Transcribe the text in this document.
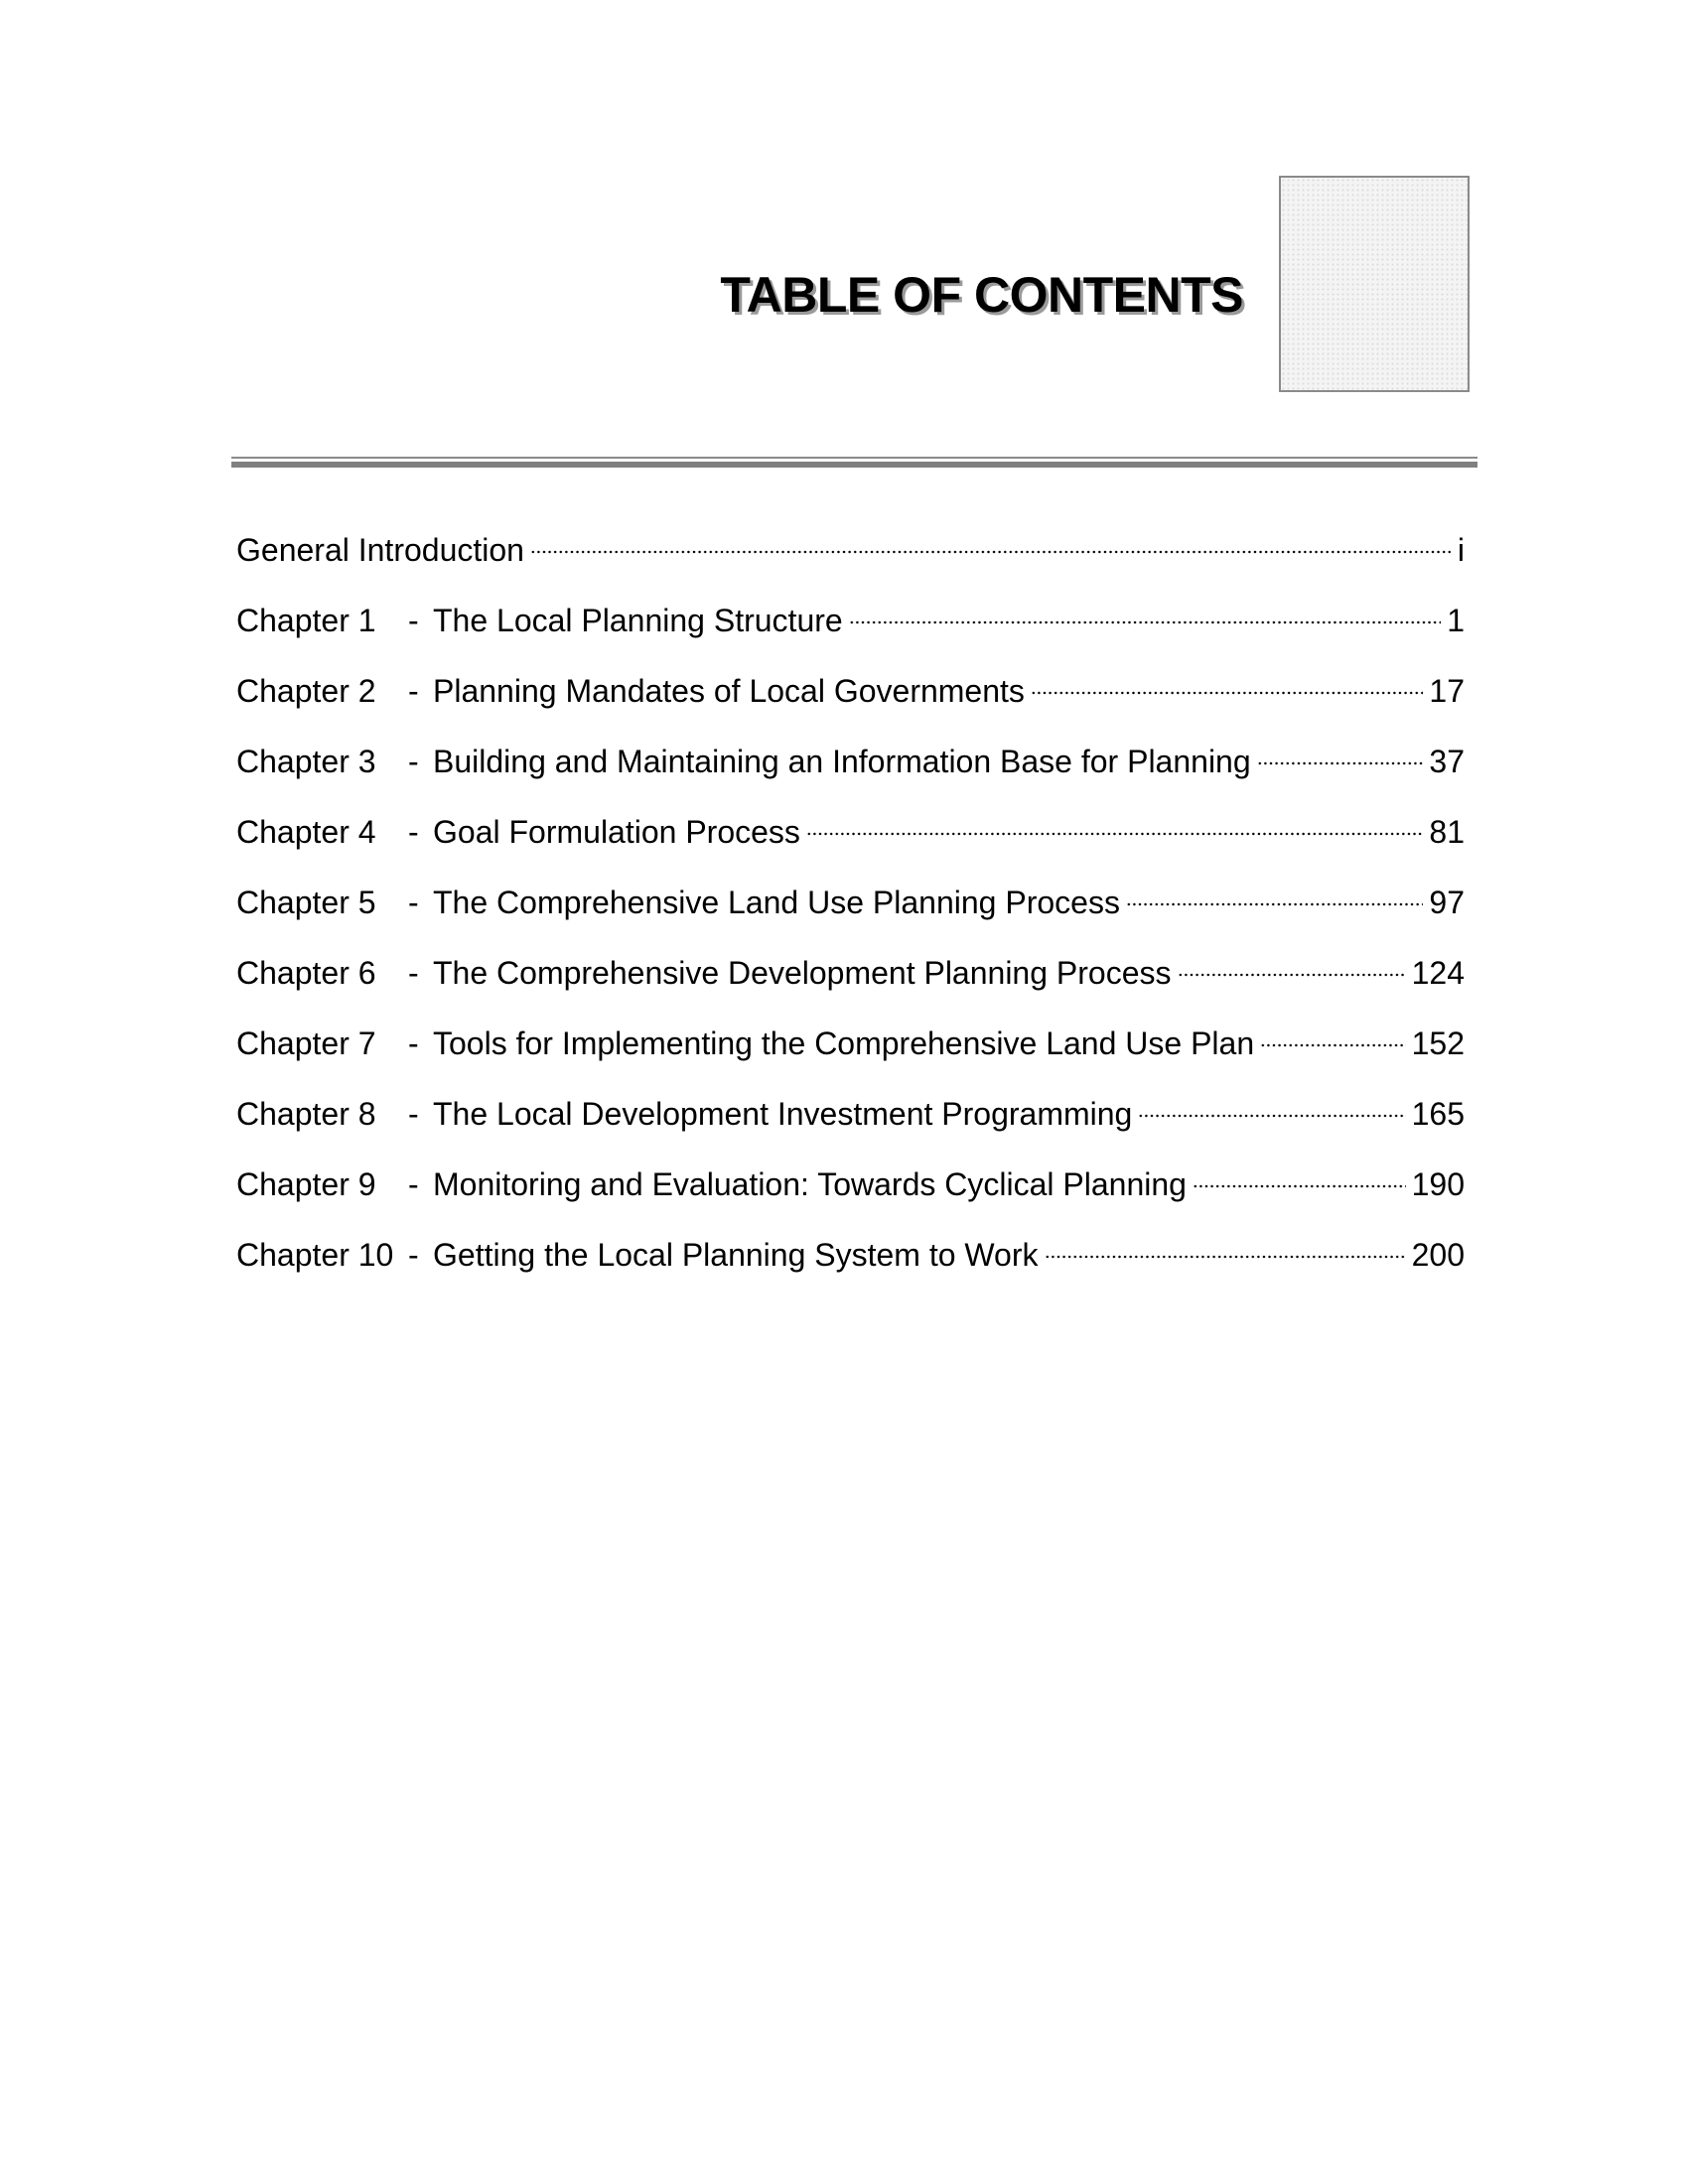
TABLE OF CONTENTS
General Introduction	i
Chapter 1	- The Local Planning Structure	1
Chapter 2	- Planning Mandates of Local Governments	17
Chapter 3	- Building and Maintaining an Information Base for Planning	37
Chapter 4	- Goal Formulation Process	81
Chapter 5	- The Comprehensive Land Use Planning Process	97
Chapter 6	- The Comprehensive Development Planning Process	124
Chapter 7	- Tools for Implementing the Comprehensive Land Use Plan	152
Chapter 8	- The Local Development Investment Programming	165
Chapter 9	- Monitoring and Evaluation: Towards Cyclical Planning	190
Chapter 10 - Getting the Local Planning System to Work	200
